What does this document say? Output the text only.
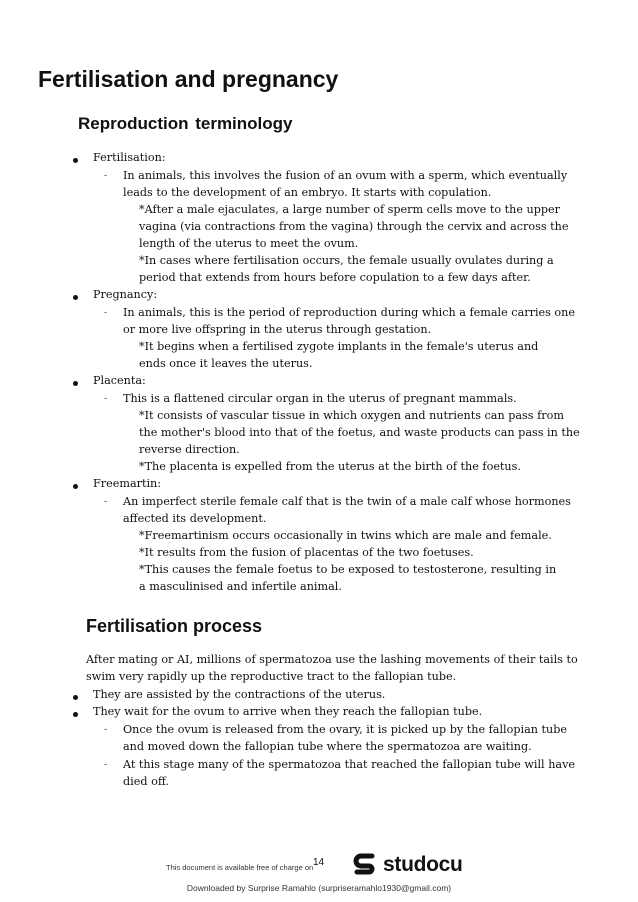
Fertilisation and pregnancy
Reproduction terminology
Fertilisation:
- In animals, this involves the fusion of an ovum with a sperm, which eventually
leads to the development of an embryo. It starts with copulation.
*After a male ejaculates, a large number of sperm cells move to the upper
vagina (via contractions from the vagina) through the cervix and across the
length of the uterus to meet the ovum.
*In cases where fertilisation occurs, the female usually ovulates during a
period that extends from hours before copulation to a few days after.
Pregnancy:
- In animals, this is the period of reproduction during which a female carries one
or more live offspring in the uterus through gestation.
*It begins when a fertilised zygote implants in the female's uterus and
ends once it leaves the uterus.
Placenta:
- This is a flattened circular organ in the uterus of pregnant mammals.
*It consists of vascular tissue in which oxygen and nutrients can pass from
the mother's blood into that of the foetus, and waste products can pass in the
reverse direction.
*The placenta is expelled from the uterus at the birth of the foetus.
Freemartin:
- An imperfect sterile female calf that is the twin of a male calf whose hormones
affected its development.
*Freemartinism occurs occasionally in twins which are male and female.
*It results from the fusion of placentas of the two foetuses.
*This causes the female foetus to be exposed to testosterone, resulting in
a masculinised and infertile animal.
Fertilisation process
After mating or AI, millions of spermatozoa use the lashing movements of their tails to
swim very rapidly up the reproductive tract to the fallopian tube.
They are assisted by the contractions of the uterus.
They wait for the ovum to arrive when they reach the fallopian tube.
- Once the ovum is released from the ovary, it is picked up by the fallopian tube
and moved down the fallopian tube where the spermatozoa are waiting.
- At this stage many of the spermatozoa that reached the fallopian tube will have
died off.
14
This document is available free of charge on	studocu
Downloaded by Surprise Ramahlo (surpriseramahlo1930@gmail.com)
